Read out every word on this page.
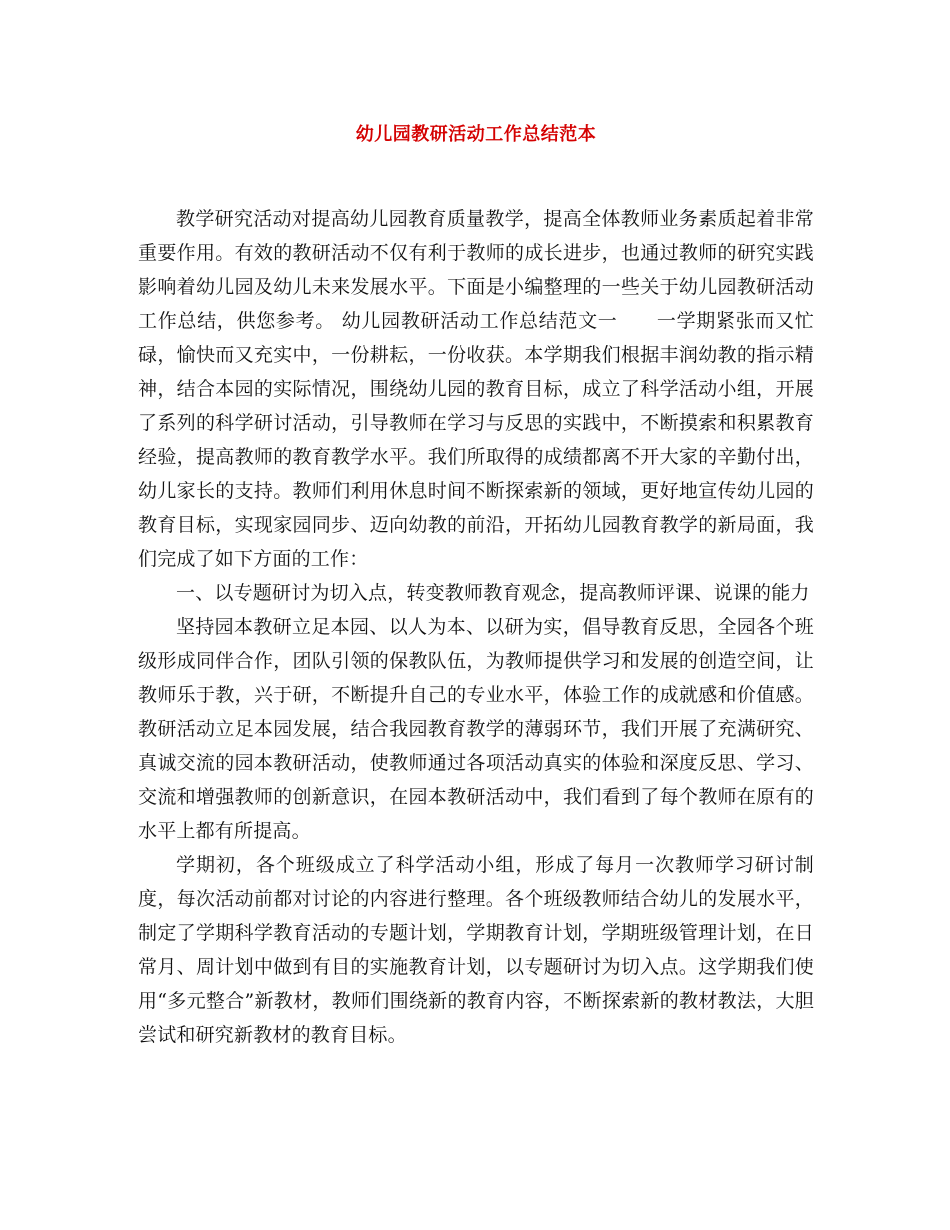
幼儿园教研活动工作总结范本

教学研究活动对提高幼儿园教育质量教学，提高全体教师业务素质起着非常重要作用。有效的教研活动不仅有利于教师的成长进步，也通过教师的研究实践影响着幼儿园及幼儿未来发展水平。下面是小编整理的一些关于幼儿园教研活动工作总结，供您参考。 幼儿园教研活动工作总结范文一　　一学期紧张而又忙碌，愉快而又充实中，一份耕耘，一份收获。本学期我们根据丰润幼教的指示精神，结合本园的实际情况，围绕幼儿园的教育目标，成立了科学活动小组，开展了系列的科学研讨活动，引导教师在学习与反思的实践中，不断摸索和积累教育经验，提高教师的教育教学水平。我们所取得的成绩都离不开大家的辛勤付出，幼儿家长的支持。教师们利用休息时间不断探索新的领域，更好地宣传幼儿园的教育目标，实现家园同步、迈向幼教的前沿，开拓幼儿园教育教学的新局面，我们完成了如下方面的工作：

一、以专题研讨为切入点，转变教师教育观念，提高教师评课、说课的能力

坚持园本教研立足本园、以人为本、以研为实，倡导教育反思，全园各个班级形成同伴合作，团队引领的保教队伍，为教师提供学习和发展的创造空间，让教师乐于教，兴于研，不断提升自己的专业水平，体验工作的成就感和价值感。教研活动立足本园发展，结合我园教育教学的薄弱环节，我们开展了充满研究、真诚交流的园本教研活动，使教师通过各项活动真实的体验和深度反思、学习、交流和增强教师的创新意识，在园本教研活动中，我们看到了每个教师在原有的水平上都有所提高。

学期初，各个班级成立了科学活动小组，形成了每月一次教师学习研讨制度，每次活动前都对讨论的内容进行整理。各个班级教师结合幼儿的发展水平，制定了学期科学教育活动的专题计划，学期教育计划，学期班级管理计划，在日常月、周计划中做到有目的实施教育计划，以专题研讨为切入点。这学期我们使用“多元整合”新教材，教师们围绕新的教育内容，不断探索新的教材教法，大胆尝试和研究新教材的教育目标。
